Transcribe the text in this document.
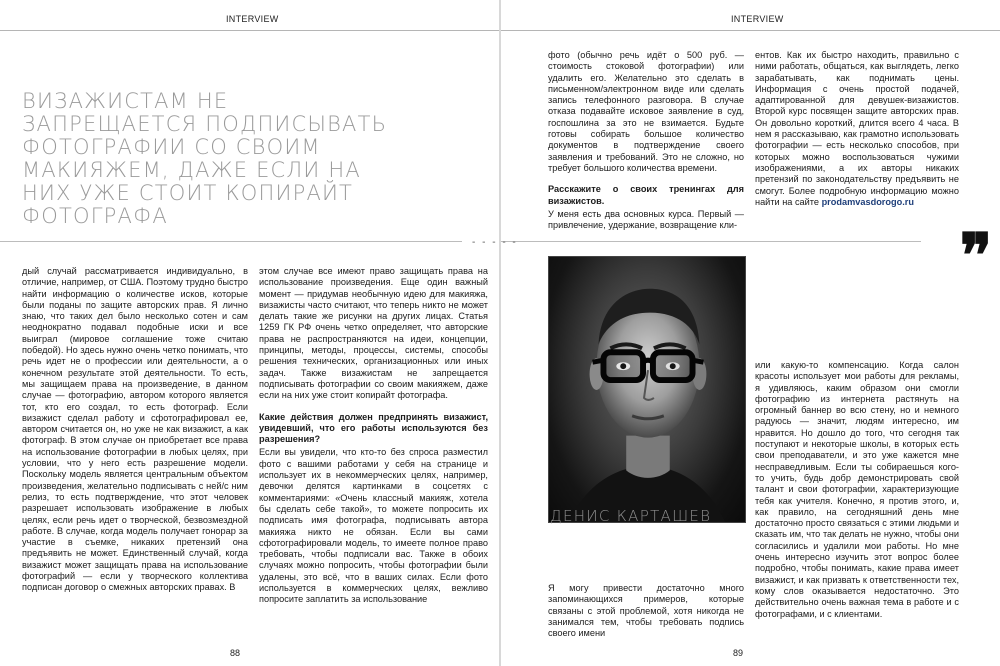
INTERVIEW
ВИЗАЖИСТАМ НЕ ЗАПРЕЩАЕТСЯ ПОДПИСЫВАТЬ ФОТОГРАФИИ СО СВОИМ МАКИЯЖЕМ, ДАЖЕ ЕСЛИ НА НИХ УЖЕ СТОИТ КОПИРАЙТ ФОТОГРАФА

дый случай рассматривается индивидуально, в отличие, например, от США. Поэтому трудно быстро найти информацию о количестве исков, которые были поданы по защите авторских прав. Я лично знаю, что таких дел было несколько сотен и сам неоднократно подавал подобные иски и все выиграл (мировое соглашение тоже считаю победой). Но здесь нужно очень четко понимать, что речь идет не о профессии или деятельности, а о конечном результате этой деятельности. То есть, мы защищаем права на произведение, в данном случае — фотографию, автором которого является тот, кто его создал, то есть фотограф. Если визажист сделал работу и сфотографировал ее, автором считается он, но уже не как визажист, а как фотограф. В этом случае он приобретает все права на использование фотографии в любых целях, при условии, что у него есть разрешение модели. Поскольку модель является центральным объектом произведения, желательно подписывать с ней/с ним релиз, то есть подтверждение, что этот человек разрешает использовать изображение в любых целях, если речь идет о творческой, безвозмездной работе. В случае, когда модель получает гонорар за участие в съемке, никаких претензий она предъявить не может. Единственный случай, когда визажист может защищать права на использование фотографий — если у творческого коллектива подписан договор о смежных авторских правах. В

этом случае все имеют право защищать права на использование произведения. Еще один важный момент — придумав необычную идею для макияжа, визажисты часто считают, что теперь никто не может делать такие же рисунки на других лицах. Статья 1259 ГК РФ очень четко определяет, что авторские права не распространяются на идеи, концепции, принципы, методы, процессы, системы, способы решения технических, организационных или иных задач. Также визажистам не запрещается подписывать фотографии со своим макияжем, даже если на них уже стоит копирайт фотографа.

Какие действия должен предпринять визажист, увидевший, что его работы используются без разрешения?

Если вы увидели, что кто-то без спроса разместил фото с вашими работами у себя на странице и использует их в некоммерческих целях, например, девочки делятся картинками в соцсетях с комментариями: «Очень классный макияж, хотела бы сделать себе такой», то можете попросить их подписать имя фотографа, подписывать автора макияжа никто не обязан. Если вы сами сфотографировали модель, то имеете полное право требовать, чтобы подписали вас. Также в обоих случаях можно попросить, чтобы фотографии были удалены, это всё, что в ваших силах. Если фото используется в коммерческих целях, вежливо попросите заплатить за использование

88
- - - - -
INTERVIEW

фото (обычно речь идёт о 500 руб. — стоимость стоковой фотографии) или удалить его. Желательно это сделать в письменном/электронном виде или сделать запись телефонного разговора. В случае отказа подавайте исковое заявление в суд, госпошлина за это не взимается. Будьте готовы собирать большое количество документов в подтверждение своего заявления и требований. Это не сложно, но требует большого количества времени.

Расскажите о своих тренингах для визажистов.

У меня есть два основных курса. Первый — привлечение, удержание, возвращение кли-

ентов. Как их быстро находить, правильно с ними работать, общаться, как выглядеть, легко зарабатывать, как поднимать цены. Информация с очень простой подачей, адаптированной для девушек-визажистов. Второй курс посвящен защите авторских прав. Он довольно короткий, длится всего 4 часа. В нем я рассказываю, как грамотно использовать фотографии — есть несколько способов, при которых можно воспользоваться чужими изображениями, а их авторы никаких претензий по законодательству предъявить не смогут. Более подробную информацию можно найти на сайте prodamvasdorogo.ru

❞

Я могу привести достаточно много запоминающихся примеров, которые связаны с этой проблемой, хотя никогда не занимался тем, чтобы требовать подпись своего имени

или какую-то компенсацию. Когда салон красоты использует мои работы для рекламы, я удивляюсь, каким образом они смогли фотографию из интернета растянуть на огромный баннер во всю стену, но и немного радуюсь — значит, людям интересно, им нравится. Но дошло до того, что сегодня так поступают и некоторые школы, в которых есть свои преподаватели, и это уже кажется мне несправедливым. Если ты собираешься кого-то учить, будь добр демонстрировать свой талант и свои фотографии, характеризующие тебя как учителя. Конечно, я против этого, и, как правило, на сегодняшний день мне достаточно просто связаться с этими людьми и сказать им, что так делать не нужно, чтобы они согласились и удалили мои работы. Но мне очень интересно изучить этот вопрос более подробно, чтобы понимать, какие права имеет визажист, и как призвать к ответственности тех, кому слов оказывается недостаточно. Это действительно очень важная тема в работе и с фотографами, и с клиентами.

89
ДЕНИС КАРТАШЕВ
